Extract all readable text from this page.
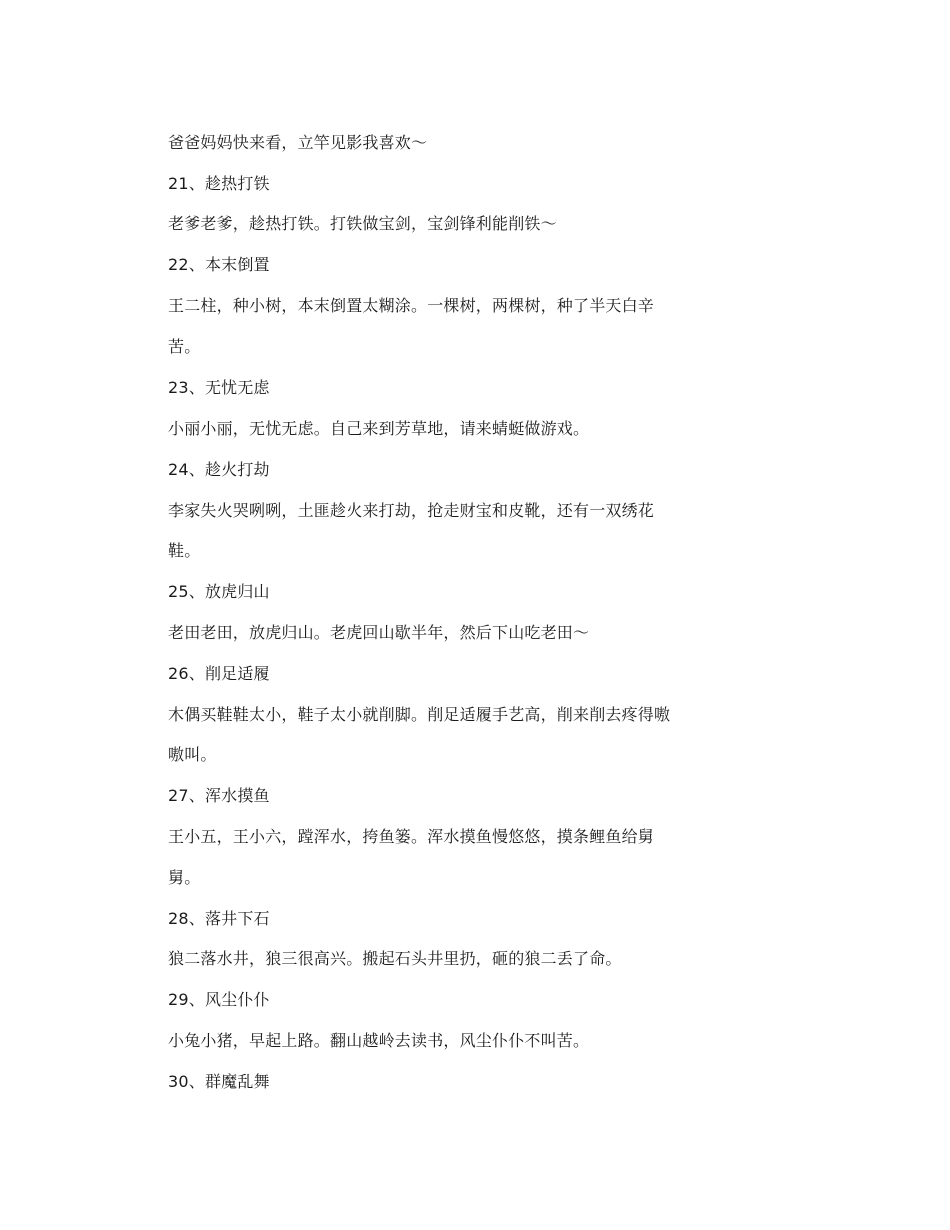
爸爸妈妈快来看，立竿见影我喜欢～
21、趁热打铁
老爹老爹，趁热打铁。打铁做宝剑，宝剑锋利能削铁～
22、本末倒置
王二柱，种小树，本末倒置太糊涂。一棵树，两棵树，种了半天白辛
苦。
23、无忧无虑
小丽小丽，无忧无虑。自己来到芳草地，请来蜻蜓做游戏。
24、趁火打劫
李家失火哭咧咧，土匪趁火来打劫，抢走财宝和皮靴，还有一双绣花
鞋。
25、放虎归山
老田老田，放虎归山。老虎回山歇半年，然后下山吃老田～
26、削足适履
木偶买鞋鞋太小，鞋子太小就削脚。削足适履手艺高，削来削去疼得嗷
嗷叫。
27、浑水摸鱼
王小五，王小六，蹚浑水，挎鱼篓。浑水摸鱼慢悠悠，摸条鲤鱼给舅
舅。
28、落井下石
狼二落水井，狼三很高兴。搬起石头井里扔，砸的狼二丢了命。
29、风尘仆仆
小兔小猪，早起上路。翻山越岭去读书，风尘仆仆不叫苦。
30、群魔乱舞
